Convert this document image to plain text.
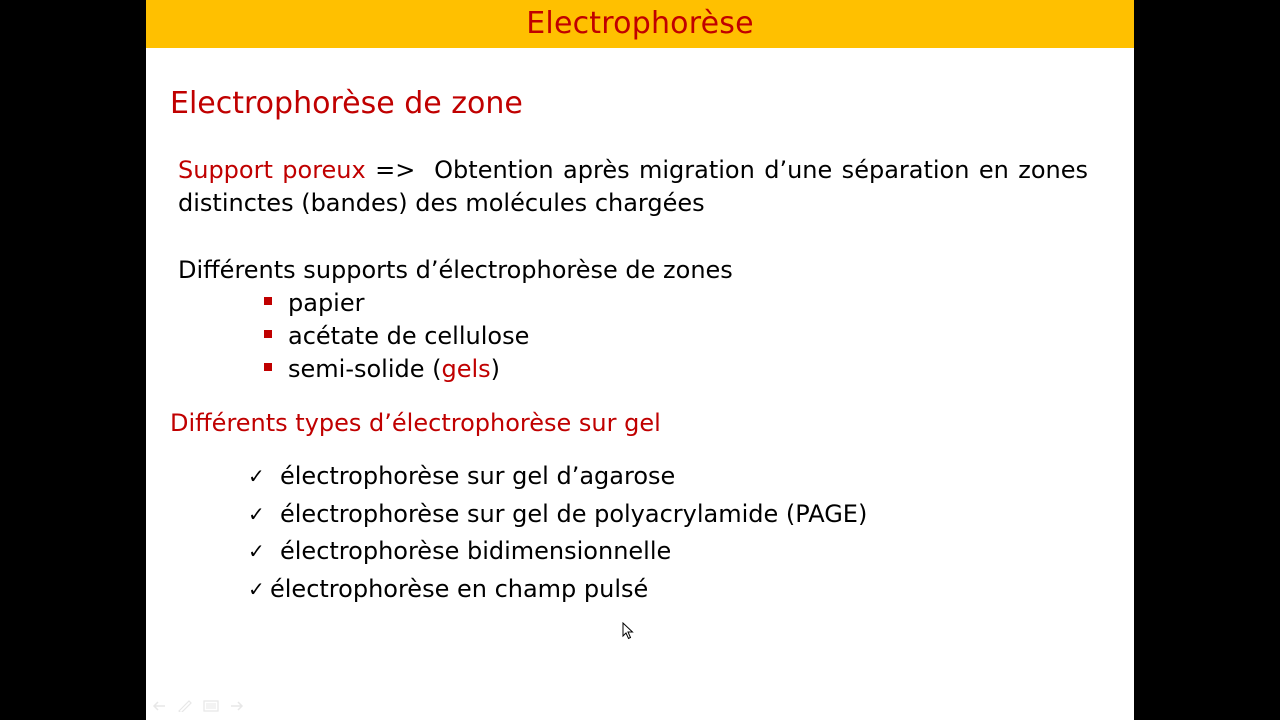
Electrophorèse
Electrophorèse de zone
Support poreux =>  Obtention après migration d’une séparation en zones distinctes (bandes) des molécules chargées
Différents supports d’électrophorèse de zones
papier
acétate de cellulose
semi-solide ( gels )
Différents types d’électrophorèse sur gel
✓ électrophorèse sur gel d’agarose
✓ électrophorèse sur gel de polyacrylamide (PAGE)
✓ électrophorèse bidimensionnelle
✓ électrophorèse en champ pulsé
